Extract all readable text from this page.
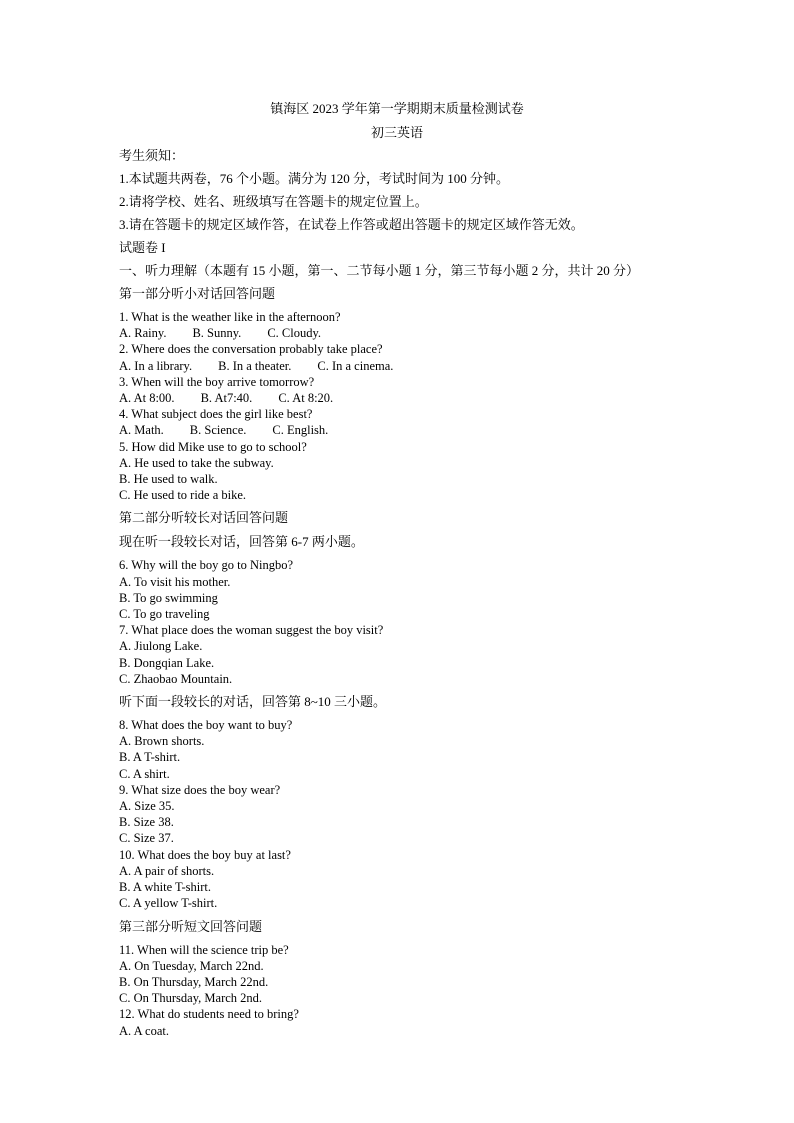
镇海区 2023 学年第一学期期末质量检测试卷
初三英语
考生须知：
1.本试题共两卷，76 个小题。满分为 120 分，考试时间为 100 分钟。
2.请将学校、姓名、班级填写在答题卡的规定位置上。
3.请在答题卡的规定区域作答，在试卷上作答或超出答题卡的规定区域作答无效。
试题卷 I
一、听力理解（本题有 15 小题，第一、二节每小题 1 分，第三节每小题 2 分，共计 20 分）
第一部分听小对话回答问题
1. What is the weather like in the afternoon?
A. Rainy. B. Sunny. C. Cloudy.
2. Where does the conversation probably take place?
A. In a library. B. In a theater. C. In a cinema.
3. When will the boy arrive tomorrow?
A. At 8:00. B. At7:40. C. At 8:20.
4. What subject does the girl like best?
A. Math. B. Science. C. English.
5. How did Mike use to go to school?
A. He used to take the subway.
B. He used to walk.
C. He used to ride a bike.
第二部分听较长对话回答问题
现在听一段较长对话，回答第 6-7 两小题。
6. Why will the boy go to Ningbo?
A. To visit his mother.
B. To go swimming
C. To go traveling
7. What place does the woman suggest the boy visit?
A. Jiulong Lake.
B. Dongqian Lake.
C. Zhaobao Mountain.
听下面一段较长的对话，回答第 8~10 三小题。
8. What does the boy want to buy?
A. Brown shorts.
B. A T-shirt.
C. A shirt.
9. What size does the boy wear?
A. Size 35.
B. Size 38.
C. Size 37.
10. What does the boy buy at last?
A. A pair of shorts.
B. A white T-shirt.
C. A yellow T-shirt.
第三部分听短文回答问题
11. When will the science trip be?
A. On Tuesday, March 22nd.
B. On Thursday, March 22nd.
C. On Thursday, March 2nd.
12. What do students need to bring?
A. A coat.
